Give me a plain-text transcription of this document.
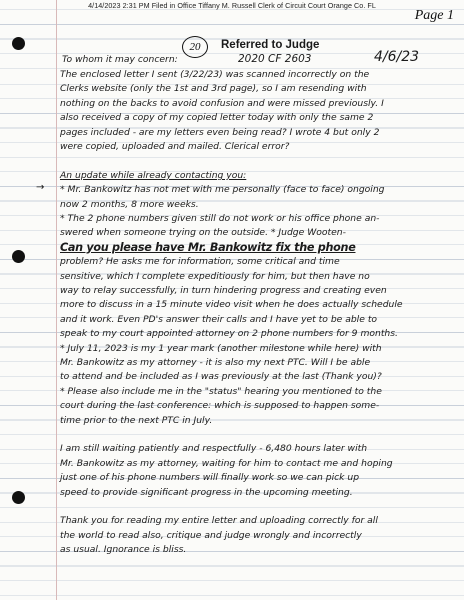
4/14/2023 2:31 PM Filed in Office Tiffany M. Russell Clerk of Circuit Court Orange Co. FL
Page 1
20	Referred to Judge
To whom it may concern:	2020 CF 2603	4/6/23
→
The enclosed letter I sent (3/22/23) was scanned incorrectly on the
Clerks website (only the 1st and 3rd page), so I am resending with
nothing on the backs to avoid confusion and were missed previously. I
also received a copy of my copied letter today with only the same 2
pages included - are my letters even being read? I wrote 4 but only 2
were copied, uploaded and mailed. Clerical error?
An update while already contacting you:
* Mr. Bankowitz has not met with me personally (face to face) ongoing
now 2 months, 8 more weeks.
* The 2 phone numbers given still do not work or his office phone an-
swered when someone trying on the outside. * Judge Wooten-
Can you please have Mr. Bankowitz fix the phone
problem? He asks me for information, some critical and time
sensitive, which I complete expeditiously for him, but then have no
way to relay successfully, in turn hindering progress and creating even
more to discuss in a 15 minute video visit when he does actually schedule
and it work. Even PD's answer their calls and I have yet to be able to
speak to my court appointed attorney on 2 phone numbers for 9 months.
* July 11, 2023 is my 1 year mark (another milestone while here) with
Mr. Bankowitz as my attorney - it is also my next PTC. Will I be able
to attend and be included as I was previously at the last (Thank you)?
* Please also include me in the "status" hearing you mentioned to the
court during the last conference: which is supposed to happen some-
time prior to the next PTC in July.
I am still waiting patiently and respectfully - 6,480 hours later with
Mr. Bankowitz as my attorney, waiting for him to contact me and hoping
just one of his phone numbers will finally work so we can pick up
speed to provide significant progress in the upcoming meeting.
Thank you for reading my entire letter and uploading correctly for all
the world to read also, critique and judge wrongly and incorrectly
as usual. Ignorance is bliss.
